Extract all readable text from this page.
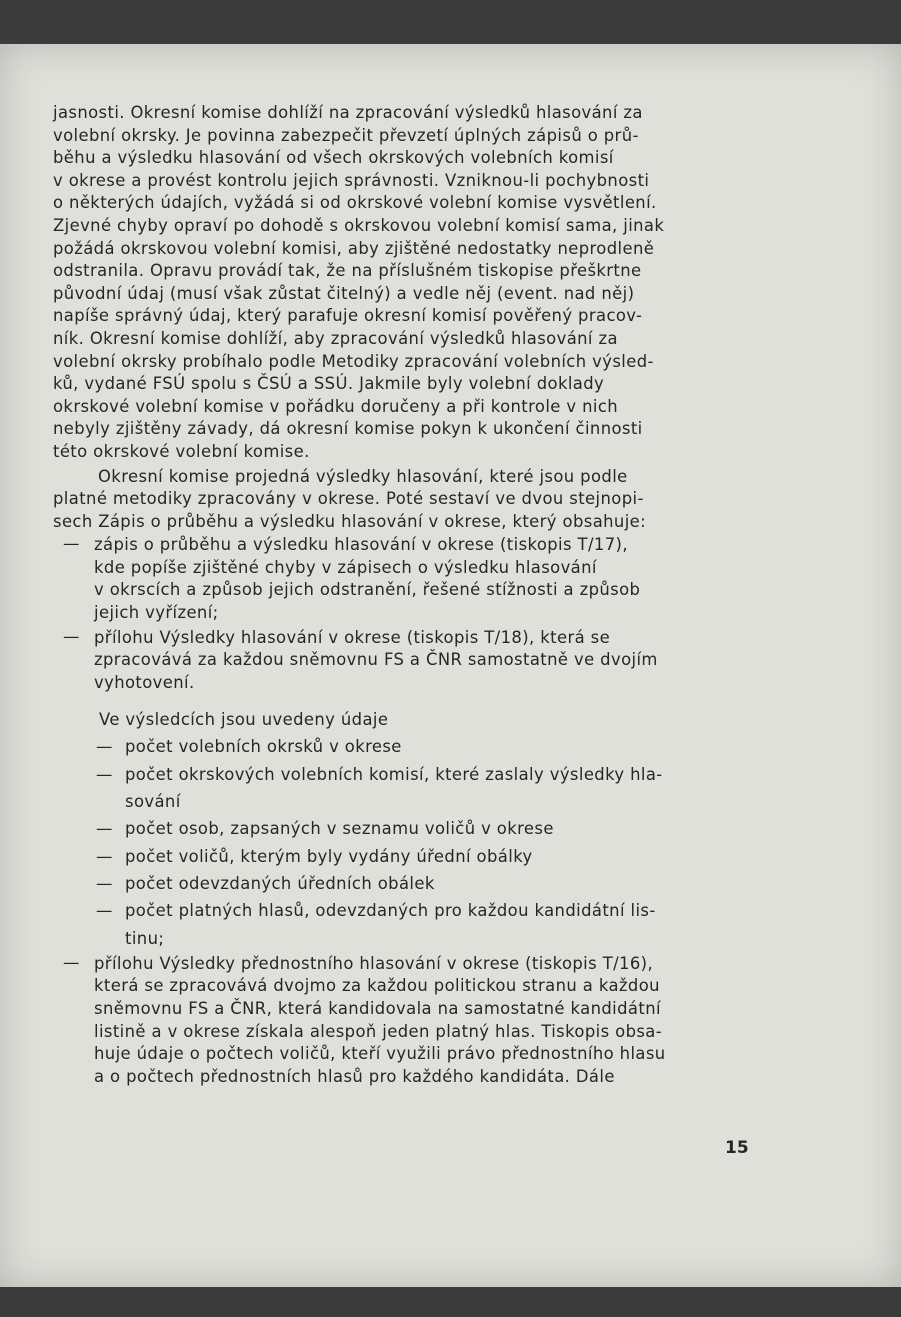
jasnosti. Okresní komise dohlíží na zpracování výsledků hlasování za

volební okrsky. Je povinna zabezpečit převzetí úplných zápisů o prů-

běhu a výsledku hlasování od všech okrskových volebních komisí

v okrese a provést kontrolu jejich správnosti. Vzniknou-li pochybnosti

o některých údajích, vyžádá si od okrskové volební komise vysvětlení.

Zjevné chyby opraví po dohodě s okrskovou volební komisí sama, jinak

požádá okrskovou volební komisi, aby zjištěné nedostatky neprodleně

odstranila. Opravu provádí tak, že na příslušném tiskopise přeškrtne

původní údaj (musí však zůstat čitelný) a vedle něj (event. nad něj)

napíše správný údaj, který parafuje okresní komisí pověřený pracov-

ník. Okresní komise dohlíží, aby zpracování výsledků hlasování za

volební okrsky probíhalo podle Metodiky zpracování volebních výsled-

ků, vydané FSÚ spolu s ČSÚ a SSÚ. Jakmile byly volební doklady

okrskové volební komise v pořádku doručeny a při kontrole v nich

nebyly zjištěny závady, dá okresní komise pokyn k ukončení činnosti

této okrskové volební komise.

Okresní komise projedná výsledky hlasování, které jsou podle

platné metodiky zpracovány v okrese. Poté sestaví ve dvou stejnopi-

sech Zápis o průběhu a výsledku hlasování v okrese, který obsahuje:

— zápis o průběhu a výsledku hlasování v okrese (tiskopis T/17),

kde popíše zjištěné chyby v zápisech o výsledku hlasování

v okrscích a způsob jejich odstranění, řešené stížnosti a způsob

jejich vyřízení;

— přílohu Výsledky hlasování v okrese (tiskopis T/18), která se

zpracovává za každou sněmovnu FS a ČNR samostatně ve dvojím

vyhotovení.

Ve výsledcích jsou uvedeny údaje
— počet volebních okrsků v okrese
— počet okrskových volebních komisí, které zaslaly výsledky hla-
sování
— počet osob, zapsaných v seznamu voličů v okrese
— počet voličů, kterým byly vydány úřední obálky
— počet odevzdaných úředních obálek
— počet platných hlasů, odevzdaných pro každou kandidátní lis-
tinu;
— přílohu Výsledky přednostního hlasování v okrese (tiskopis T/16),

která se zpracovává dvojmo za každou politickou stranu a každou

sněmovnu FS a ČNR, která kandidovala na samostatné kandidátní

listině a v okrese získala alespoň jeden platný hlas. Tiskopis obsa-

huje údaje o počtech voličů, kteří využili právo přednostního hlasu

a o počtech přednostních hlasů pro každého kandidáta. Dále

15
